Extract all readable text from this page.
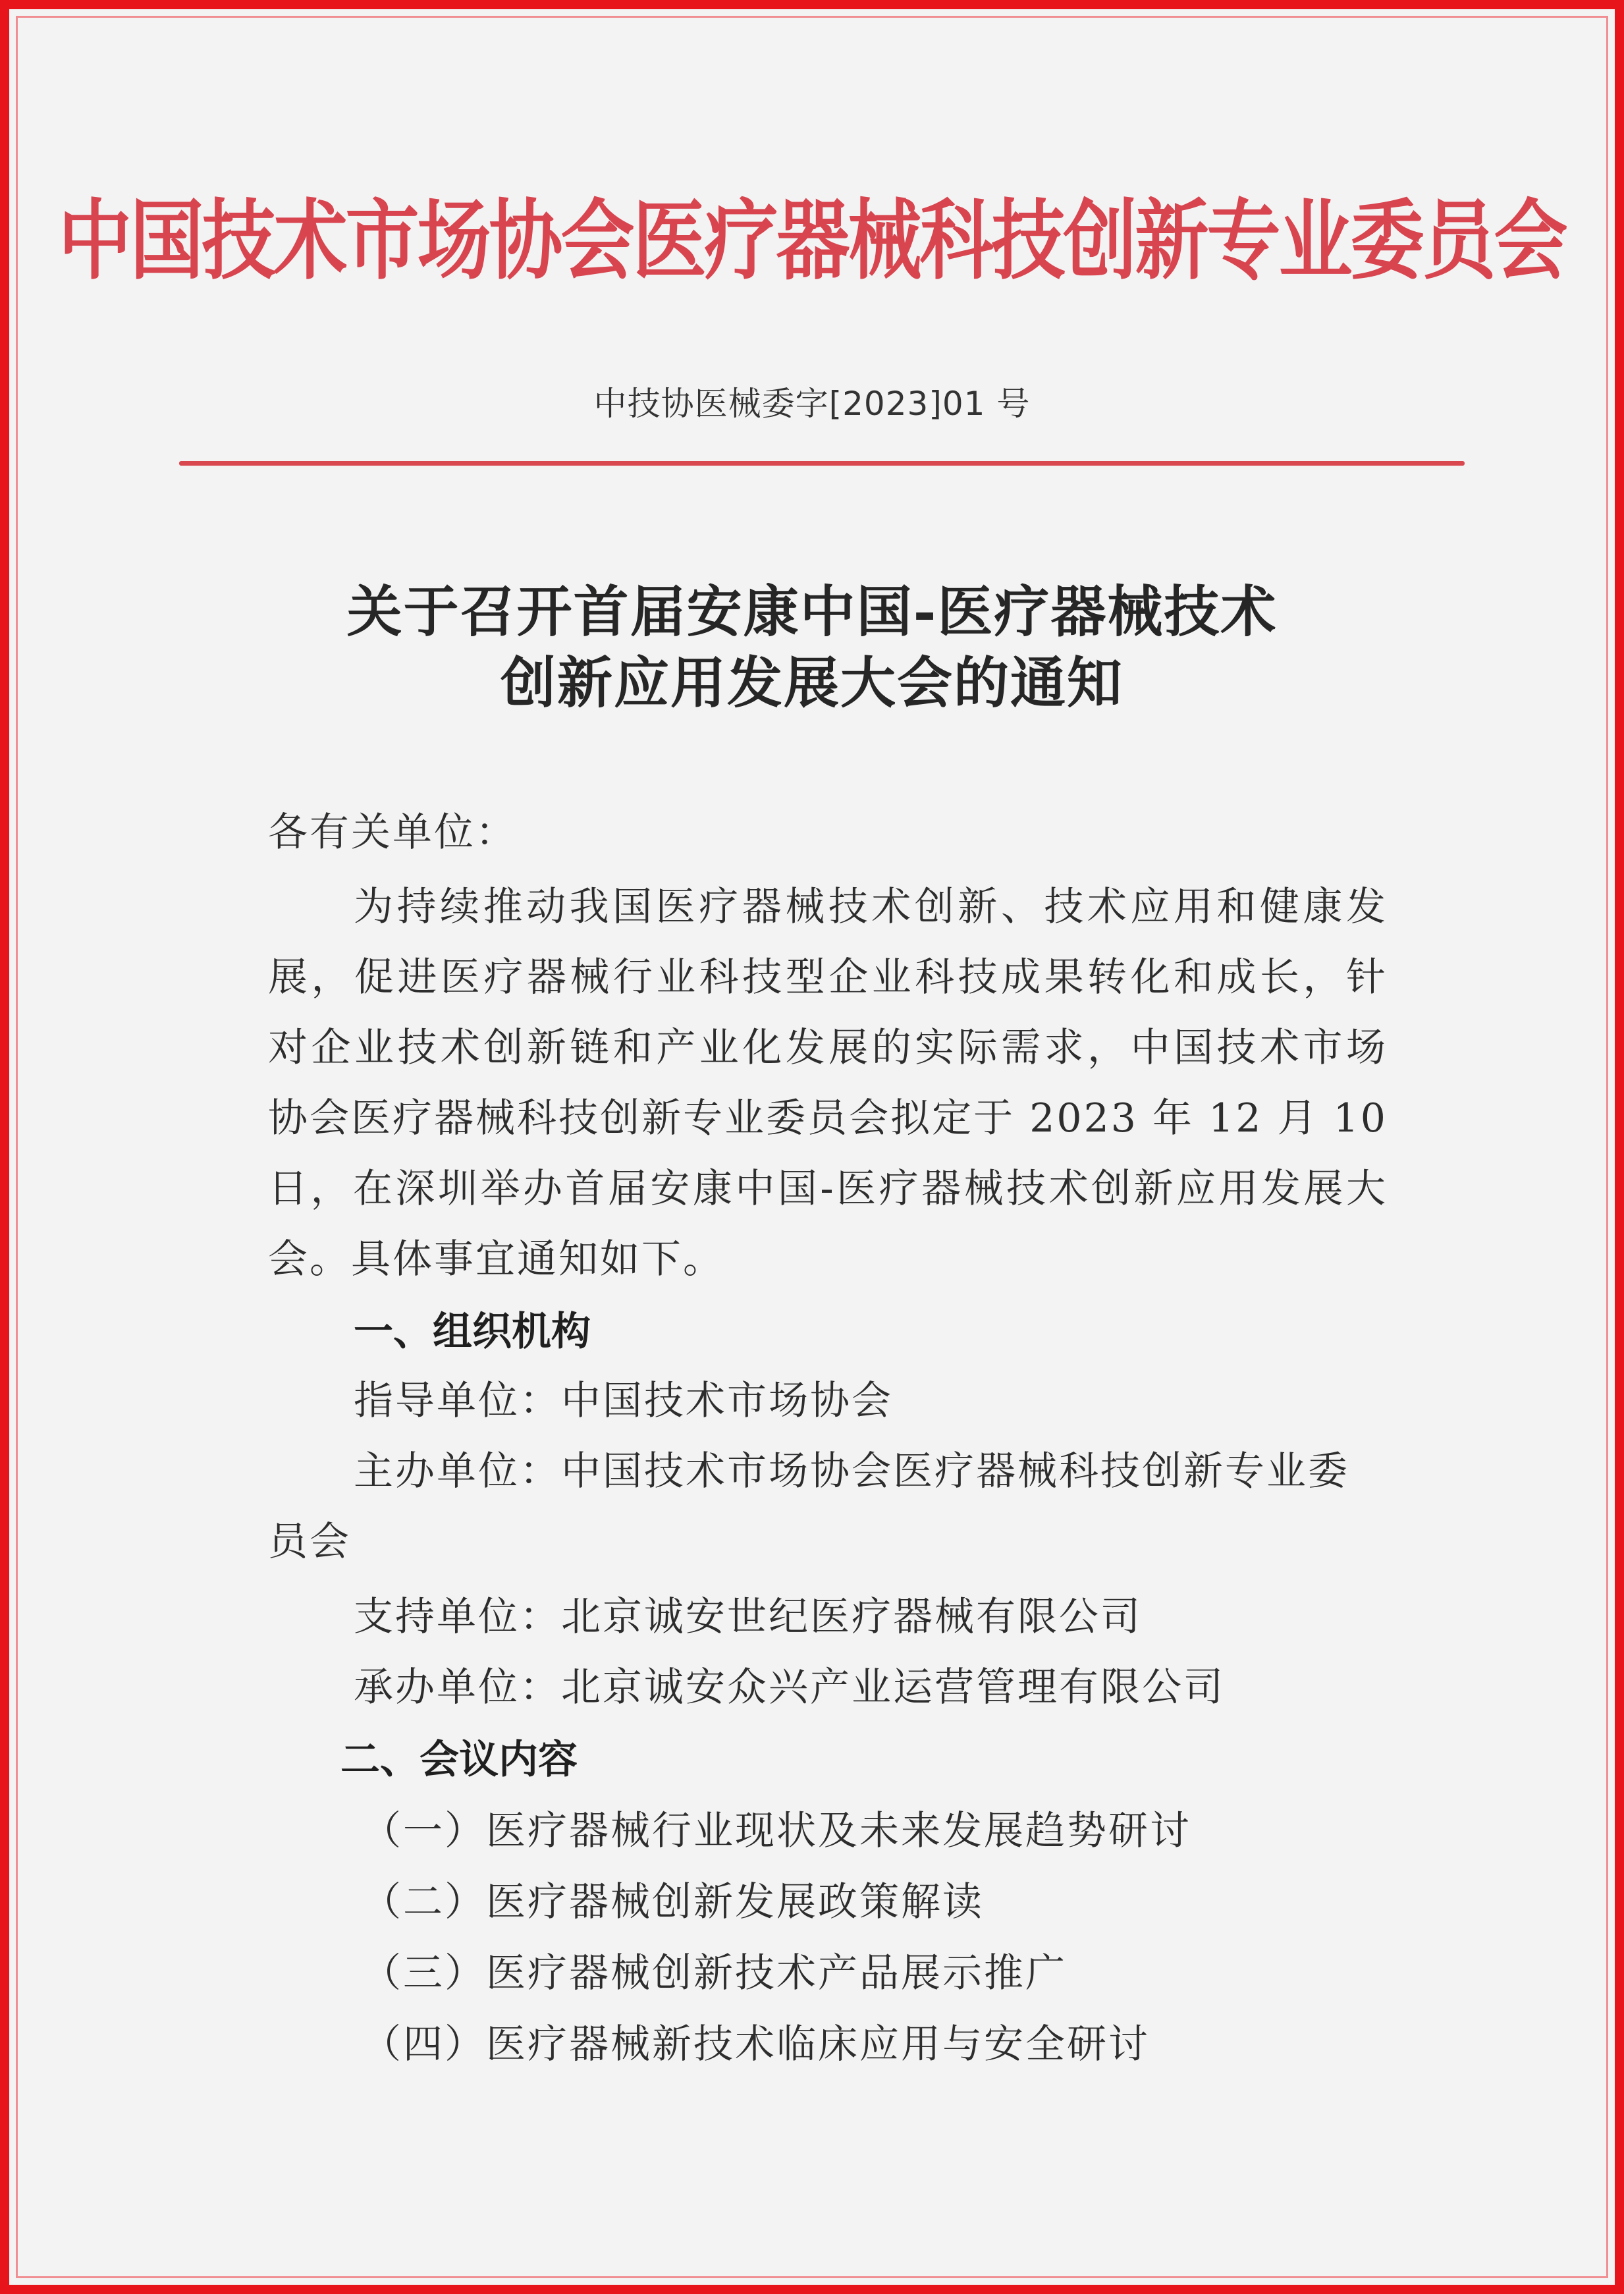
中国技术市场协会医疗器械科技创新专业委员会
中技协医械委字[2023]01 号
关于召开首届安康中国-医疗器械技术
创新应用发展大会的通知
各有关单位：
为持续推动我国医疗器械技术创新、技术应用和健康发展，促进医疗器械行业科技型企业科技成果转化和成长，针对企业技术创新链和产业化发展的实际需求，中国技术市场协会医疗器械科技创新专业委员会拟定于 2023 年 12 月 10 日，在深圳举办首届安康中国-医疗器械技术创新应用发展大会。具体事宜通知如下。
一、组织机构
指导单位：中国技术市场协会
主办单位：中国技术市场协会医疗器械科技创新专业委员会
支持单位：北京诚安世纪医疗器械有限公司
承办单位：北京诚安众兴产业运营管理有限公司
二、会议内容
（一）医疗器械行业现状及未来发展趋势研讨
（二）医疗器械创新发展政策解读
（三）医疗器械创新技术产品展示推广
（四）医疗器械新技术临床应用与安全研讨
